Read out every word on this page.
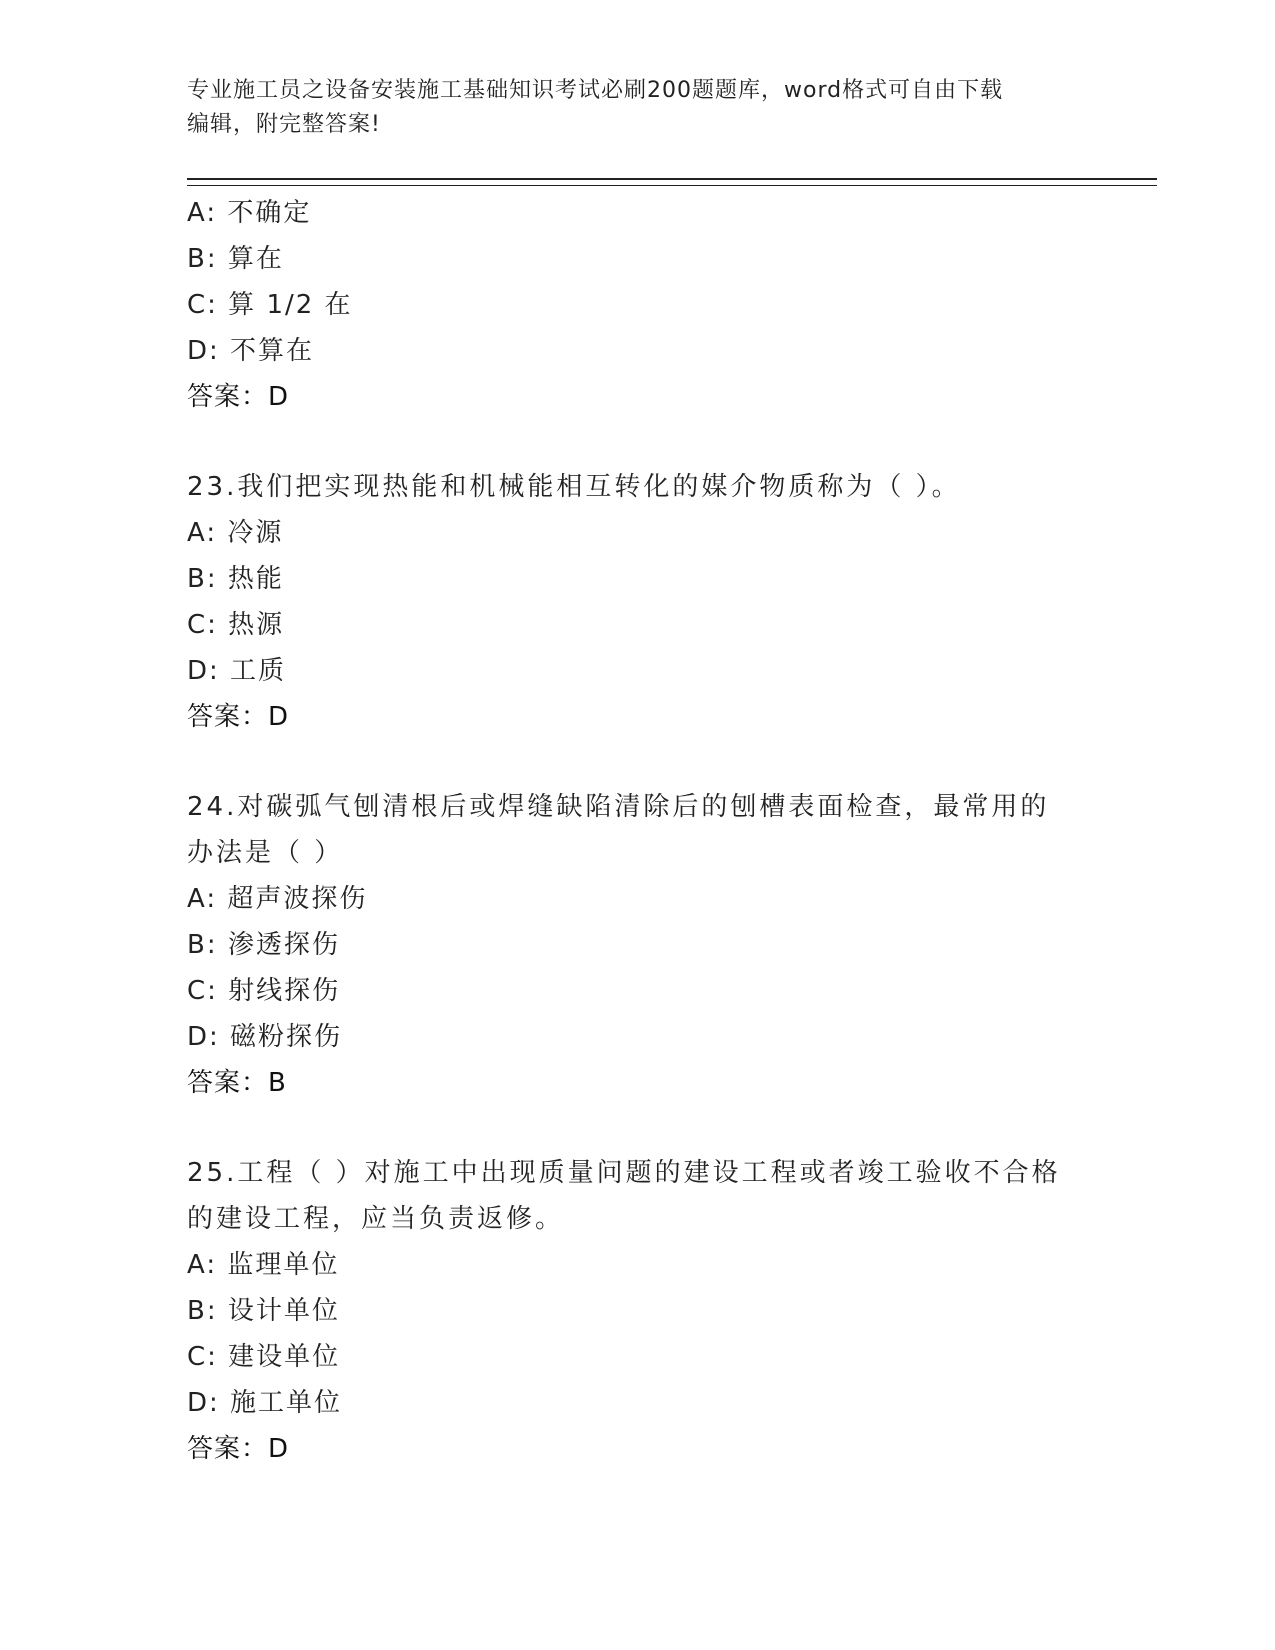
专业施工员之设备安装施工基础知识考试必刷200题题库，word格式可自由下载
编辑，附完整答案!
A: 不确定
B: 算在
C: 算 1/2 在
D: 不算在
答案：D
23.我们把实现热能和机械能相互转化的媒介物质称为（ ）。
A: 冷源
B: 热能
C: 热源
D: 工质
答案：D
24.对碳弧气刨清根后或焊缝缺陷清除后的刨槽表面检查，最常用的办法是（ ）
A: 超声波探伤
B: 渗透探伤
C: 射线探伤
D: 磁粉探伤
答案：B
25.工程（ ）对施工中出现质量问题的建设工程或者竣工验收不合格的建设工程，应当负责返修。
A: 监理单位
B: 设计单位
C: 建设单位
D: 施工单位
答案：D
